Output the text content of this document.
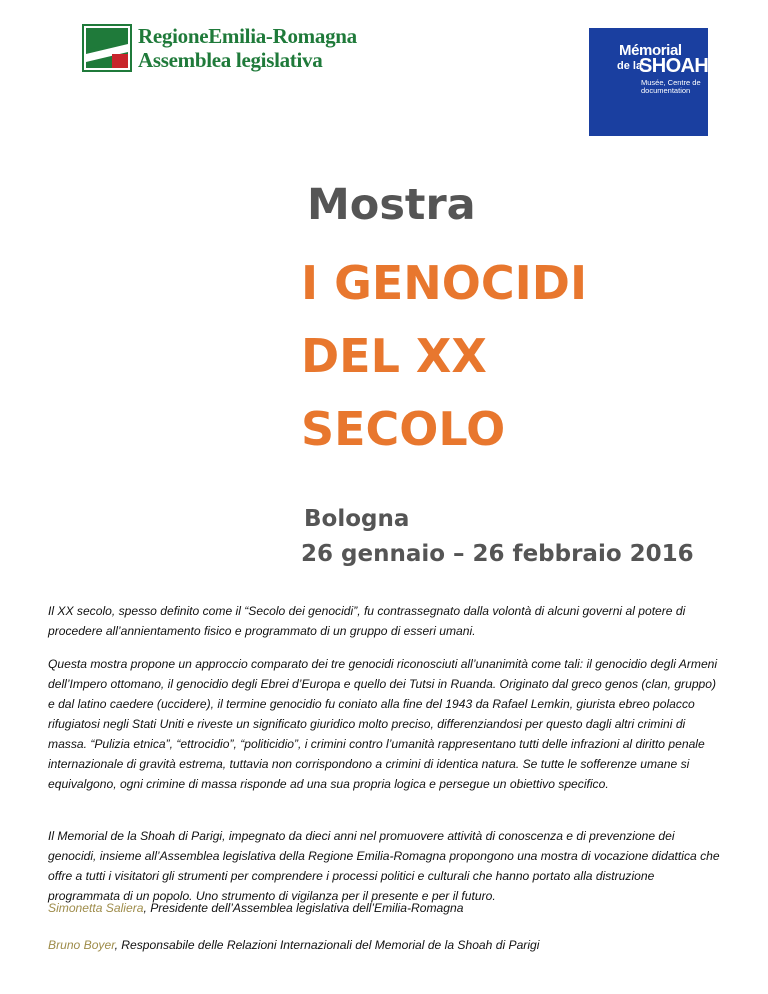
RegioneEmilia-Romagna
Assemblea legislativa	Mémorial
de la
SHOAH
Musée, Centre de documentation
Mostra
I GENOCIDI
DEL XX
SECOLO
Bologna
26 gennaio – 26 febbraio 2016

Il XX secolo, spesso definito come il “Secolo dei genocidi”, fu contrassegnato dalla volontà di alcuni governi al potere di procedere all’annientamento fisico e programmato di un gruppo di esseri umani.

Questa mostra propone un approccio comparato dei tre genocidi riconosciuti all’unanimità come tali: il genocidio degli Armeni dell’Impero ottomano, il genocidio degli Ebrei d’Europa e quello dei Tutsi in Ruanda. Originato dal greco genos (clan, gruppo) e dal latino caedere (uccidere), il termine genocidio fu coniato alla fine del 1943 da Rafael Lemkin, giurista ebreo polacco rifugiatosi negli Stati Uniti e riveste un significato giuridico molto preciso, differenziandosi per questo dagli altri crimini di massa. “Pulizia etnica”, “ettrocidio”, “politicidio”, i crimini contro l’umanità rappresentano tutti delle infrazioni al diritto penale internazionale di gravità estrema, tuttavia non corrispondono a crimini di identica natura. Se tutte le sofferenze umane si equivalgono, ogni crimine di massa risponde ad una sua propria logica e persegue un obiettivo specifico.

Il Memorial de la Shoah di Parigi, impegnato da dieci anni nel promuovere attività di conoscenza e di prevenzione dei genocidi, insieme all’Assemblea legislativa della Regione Emilia-Romagna propongono una mostra di vocazione didattica che offre a tutti i visitatori gli strumenti per comprendere i processi politici e culturali che hanno portato alla distruzione programmata di un popolo. Uno strumento di vigilanza per il presente e per il futuro.

Simonetta Saliera, Presidente dell’Assemblea legislativa dell’Emilia-Romagna

Bruno Boyer, Responsabile delle Relazioni Internazionali del Memorial de la Shoah di Parigi
